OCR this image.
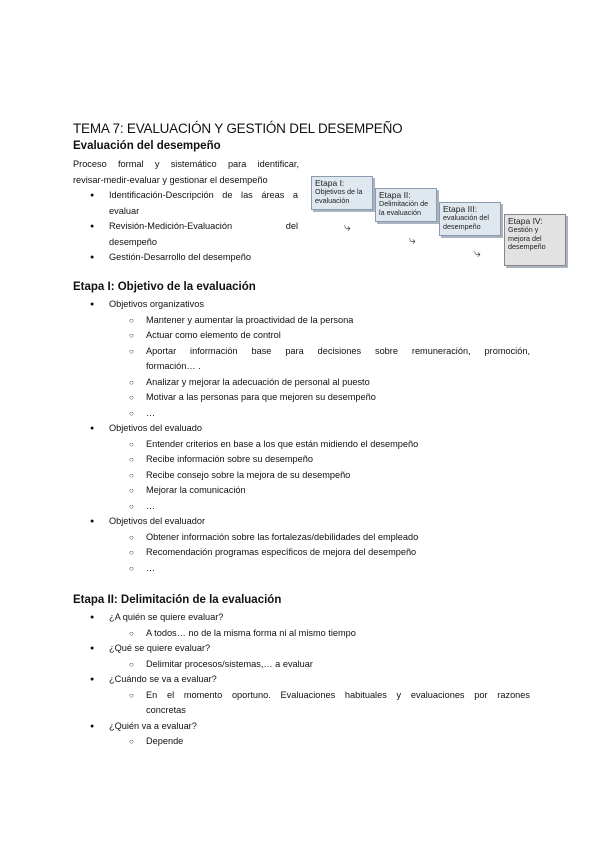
TEMA 7: EVALUACIÓN Y GESTIÓN DEL DESEMPEÑO
Evaluación del desempeño

Proceso formal y sistemático para identificar,

revisar-medir-evaluar y gestionar el desempeño

● Identificación-Descripción de las áreas a
evaluar
● Revisión-Medición-Evaluación del
desempeño
● Gestión-Desarrollo del desempeño
Etapa I:
Objetivos de la evaluación	Etapa II:
Delimitación de la evaluación	Etapa III:
evaluación del desempeño	Etapa IV:
Gestión y mejora del desempeño
⤷
⤷
⤷
Etapa I: Objetivo de la evaluación
● Objetivos organizativos
○ Mantener y aumentar la proactividad de la persona
○ Actuar como elemento de control
○ Aportar información base para decisiones sobre remuneración, promoción,
formación… .
○ Analizar y mejorar la adecuación de personal al puesto
○ Motivar a las personas para que mejoren su desempeño
○ …
● Objetivos del evaluado
○ Entender criterios en base a los que están midiendo el desempeño
○ Recibe información sobre su desempeño
○ Recibe consejo sobre la mejora de su desempeño
○ Mejorar la comunicación
○ …
● Objetivos del evaluador
○ Obtener información sobre las fortalezas/debilidades del empleado
○ Recomendación programas específicos de mejora del desempeño
○ …
Etapa II: Delimitación de la evaluación
● ¿A quién se quiere evaluar?
○ A todos… no de la misma forma ni al mismo tiempo
● ¿Qué se quiere evaluar?
○ Delimitar procesos/sistemas,… a evaluar
● ¿Cuándo se va a evaluar?
○ En el momento oportuno. Evaluaciones habituales y evaluaciones por razones
concretas
● ¿Quién va a evaluar?
○ Depende
